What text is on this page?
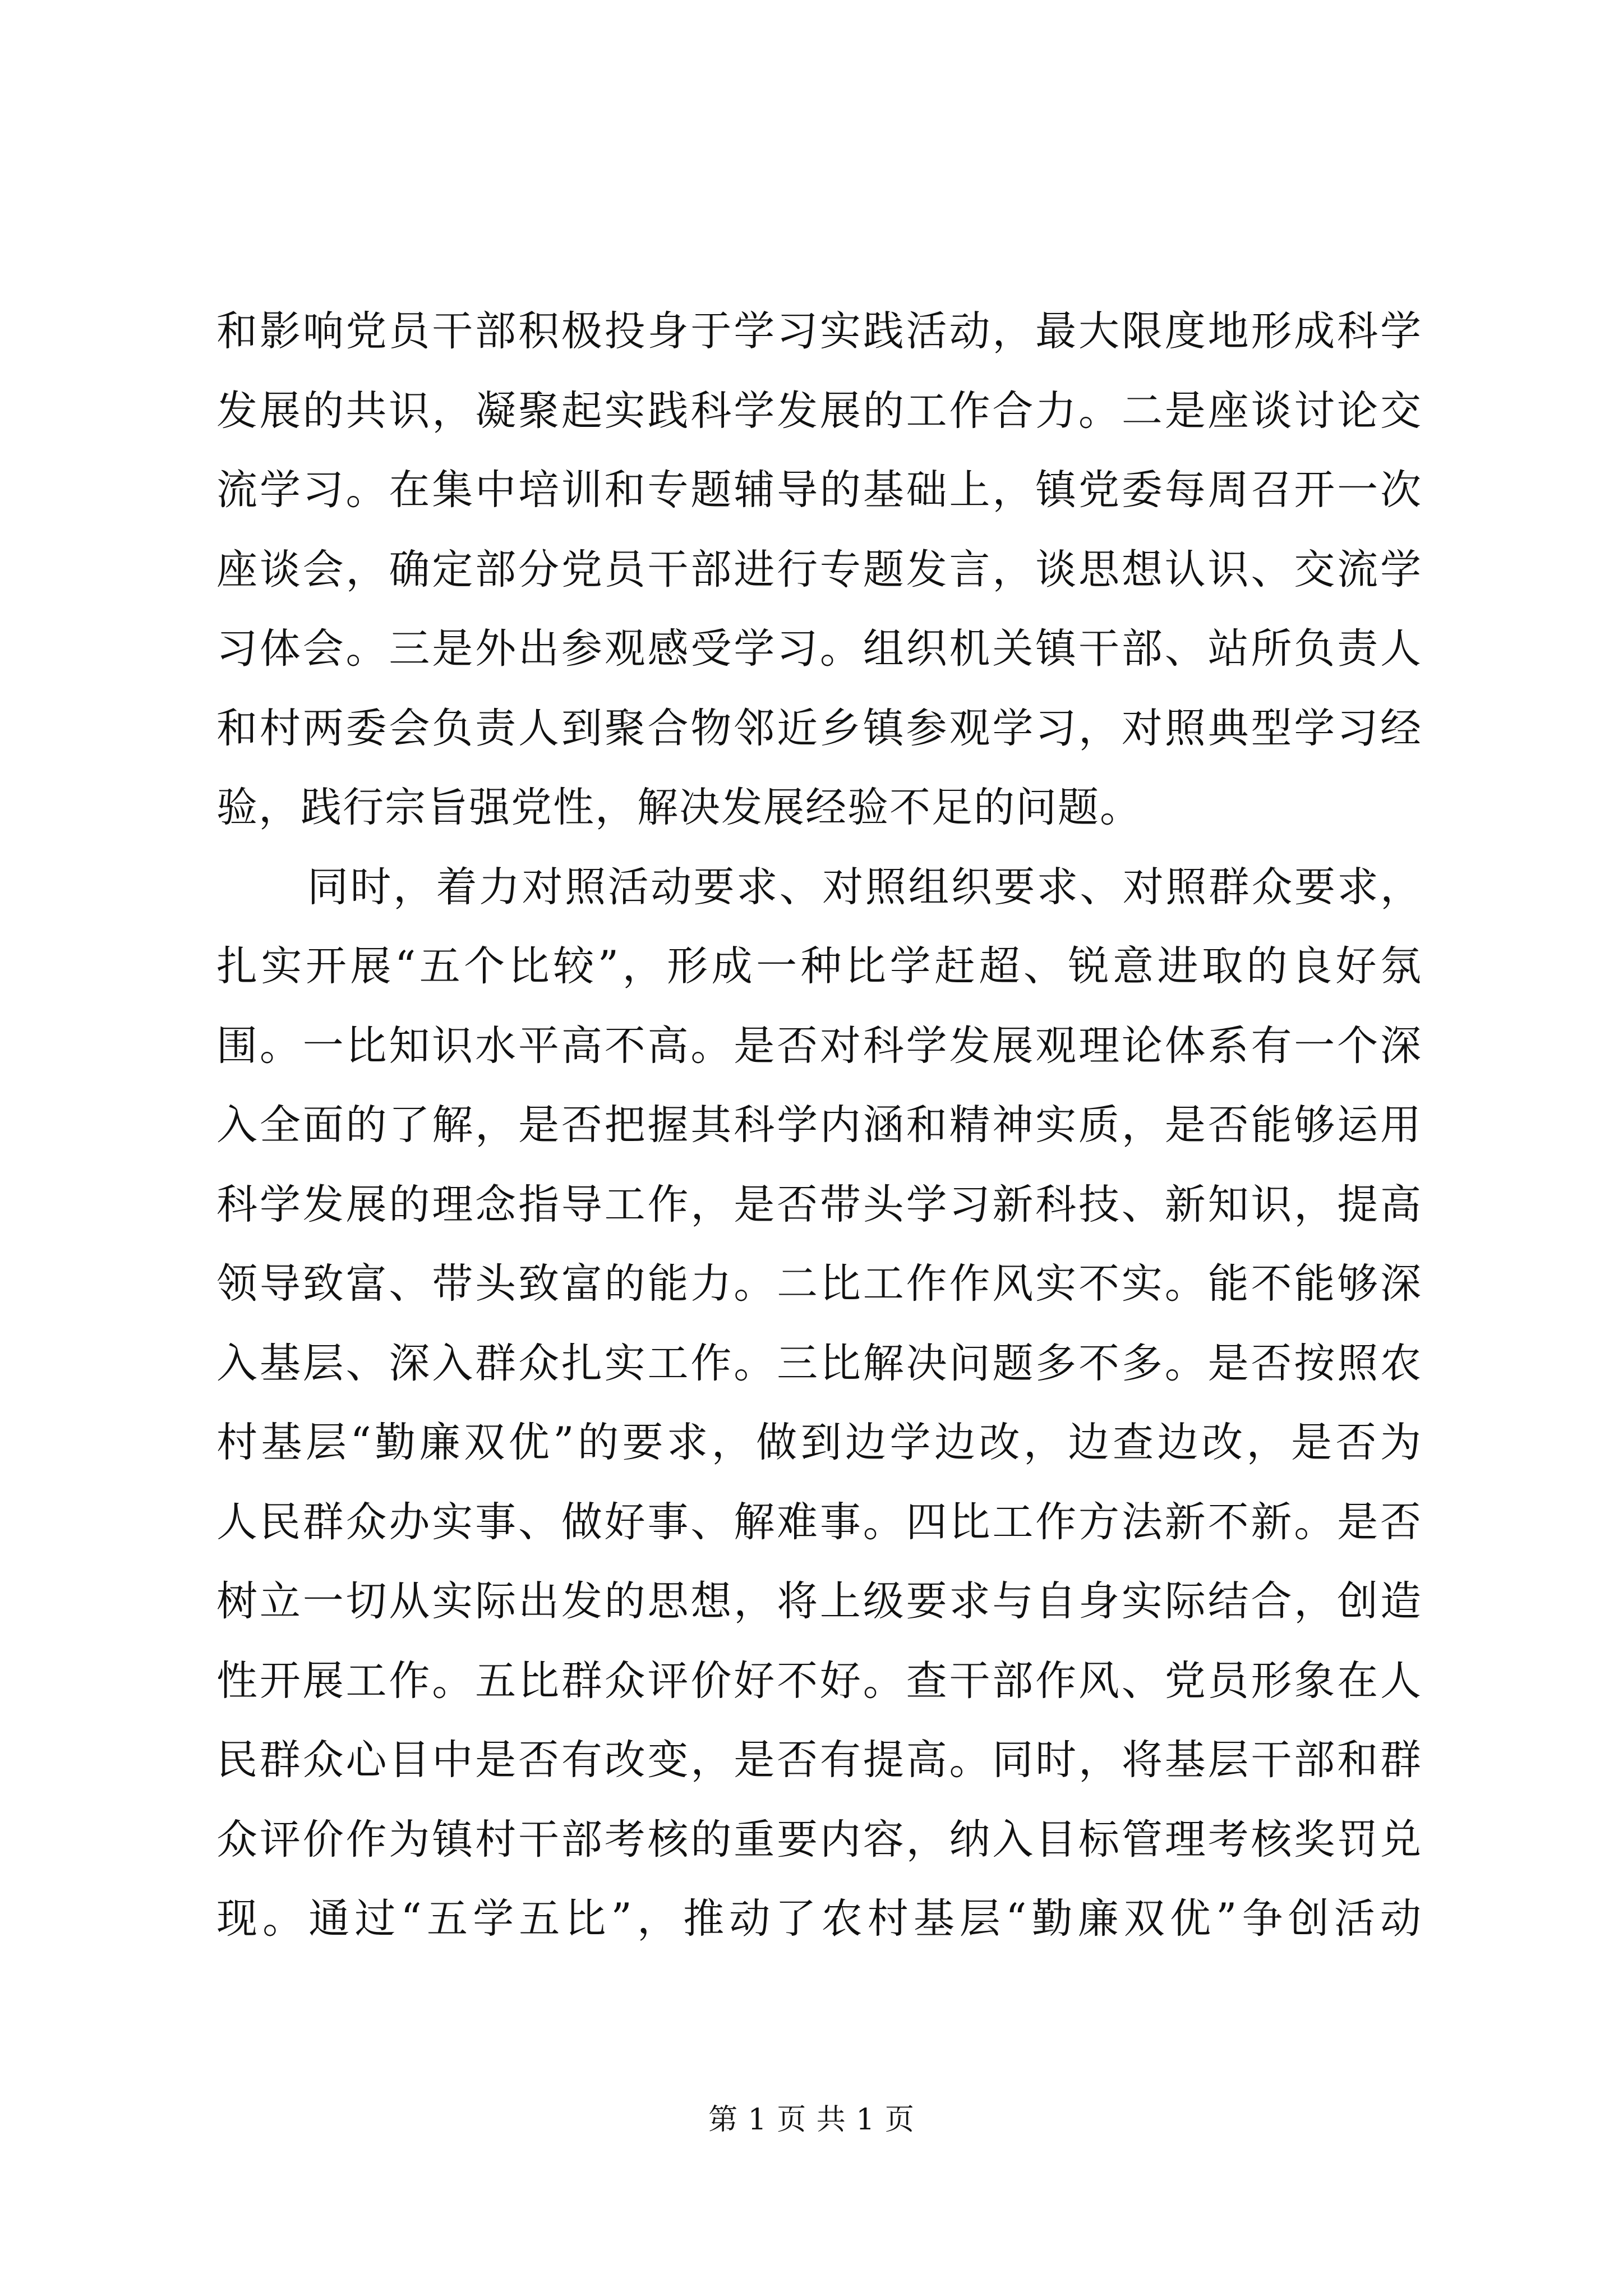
和影响党员干部积极投身于学习实践活动，最大限度地形成科学
发展的共识，凝聚起实践科学发展的工作合力。二是座谈讨论交
流学习。在集中培训和专题辅导的基础上，镇党委每周召开一次
座谈会，确定部分党员干部进行专题发言，谈思想认识、交流学
习体会。三是外出参观感受学习。组织机关镇干部、站所负责人
和村两委会负责人到聚合物邻近乡镇参观学习，对照典型学习经
验，践行宗旨强党性，解决发展经验不足的问题。
同时，着力对照活动要求、对照组织要求、对照群众要求，
扎实开展“五个比较”，形成一种比学赶超、锐意进取的良好氛
围。一比知识水平高不高。是否对科学发展观理论体系有一个深
入全面的了解，是否把握其科学内涵和精神实质，是否能够运用
科学发展的理念指导工作，是否带头学习新科技、新知识，提高
领导致富、带头致富的能力。二比工作作风实不实。能不能够深
入基层、深入群众扎实工作。三比解决问题多不多。是否按照农
村基层“勤廉双优”的要求，做到边学边改，边查边改，是否为
人民群众办实事、做好事、解难事。四比工作方法新不新。是否
树立一切从实际出发的思想，将上级要求与自身实际结合，创造
性开展工作。五比群众评价好不好。查干部作风、党员形象在人
民群众心目中是否有改变，是否有提高。同时，将基层干部和群
众评价作为镇村干部考核的重要内容，纳入目标管理考核奖罚兑
现。通过“五学五比”，推动了农村基层“勤廉双优”争创活动
第 1 页 共 1 页
